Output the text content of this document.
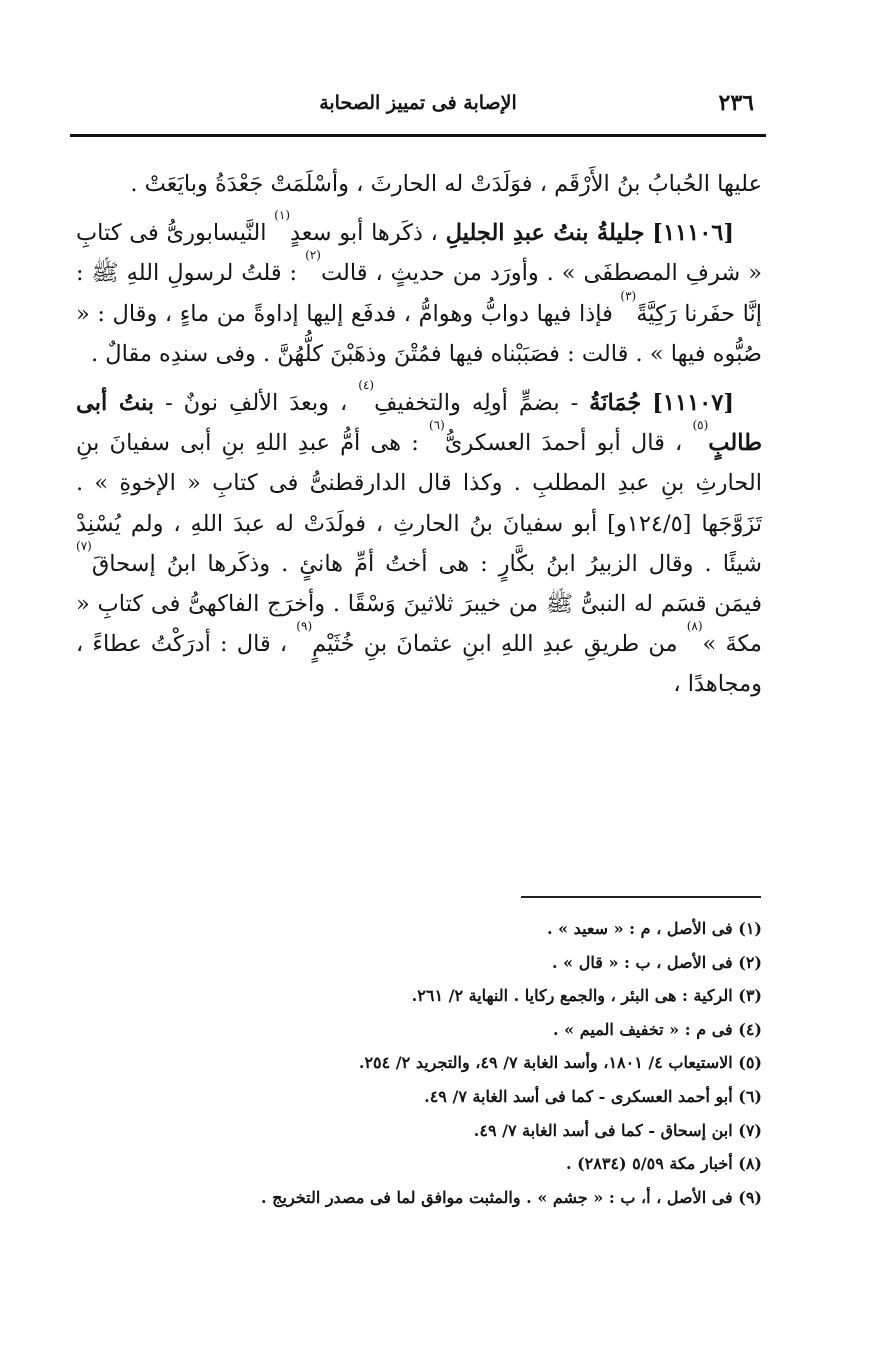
٢٣٦
الإصابة فى تمييز الصحابة

عليها الحُبابُ بنُ الأَرْقَم ، فوَلَدَتْ له الحارثَ ، وأسْلَمَتْ جَعْدَةُ وبايَعَتْ .

[١١١٠٦] جليلةُ بنتُ عبدِ الجليلِ ، ذكَرها أبو سعدٍ$^{(١)}$ النَّيسابورىُّ فى كتابِ « شرفِ المصطفَى » . وأورَد من حديثٍ ، قالت$^{(٢)}$ : قلتُ لرسولِ اللهِ ﷺ : إنَّا حفَرنا رَكِيَّةً$^{(٣)}$ فإذا فيها دوابُّ وهوامُّ ، فدفَع إليها إداوةً من ماءٍ ، وقال : « صُبُّوه فيها » . قالت : فصَبَبْناه فيها فمُتْنَ وذهَبْنَ كلُّهُنَّ . وفى سندِه مقالٌ .

[١١١٠٧] جُمَانَةُ - بضمٍّ أولِه والتخفيفِ$^{(٤)}$ ، وبعدَ الألفِ نونٌ - بنتُ أبى طالبٍ$^{(٥)}$ ، قال أبو أحمدَ العسكرىُّ$^{(٦)}$ : هى أمُّ عبدِ اللهِ بنِ أبى سفيانَ بنِ الحارثِ بنِ عبدِ المطلبِ . وكذا قال الدارقطنىُّ فى كتابِ « الإخوةِ » . تَزَوَّجَها [١٢٤/٥و] أبو سفيانَ بنُ الحارثِ ، فولَدَتْ له عبدَ اللهِ ، ولم يُسْنِدْ شيئًا . وقال الزبيرُ ابنُ بكَّارٍ : هى أختُ أمِّ هانئٍ . وذكَرها ابنُ إسحاقَ$^{(٧)}$ فيمَن قسَم له النبىُّ ﷺ من خيبرَ ثلاثينَ وَسْقًا . وأخرَج الفاكهىُّ فى كتابِ « مكةَ »$^{(٨)}$ من طريقِ عبدِ اللهِ ابنِ عثمانَ بنِ خُثَيْمٍ$^{(٩)}$ ، قال : أدرَكْتُ عطاءً ، ومجاهدًا ،

(١) فى الأصل ، م : « سعيد » .
(٢) فى الأصل ، ب : « قال » .
(٣) الركية : هى البئر ، والجمع ركايا . النهاية ٢/ ٢٦١.
(٤) فى م : « تخفيف الميم » .
(٥) الاستيعاب ٤/ ١٨٠١، وأسد الغابة ٧/ ٤٩، والتجريد ٢/ ٢٥٤.
(٦) أبو أحمد العسكرى - كما فى أسد الغابة ٧/ ٤٩.
(٧) ابن إسحاق - كما فى أسد الغابة ٧/ ٤٩.
(٨) أخبار مكة ٥/٥٩ (٢٨٣٤) .
(٩) فى الأصل ، أ، ب : « جشم » . والمثبت موافق لما فى مصدر التخريج .
